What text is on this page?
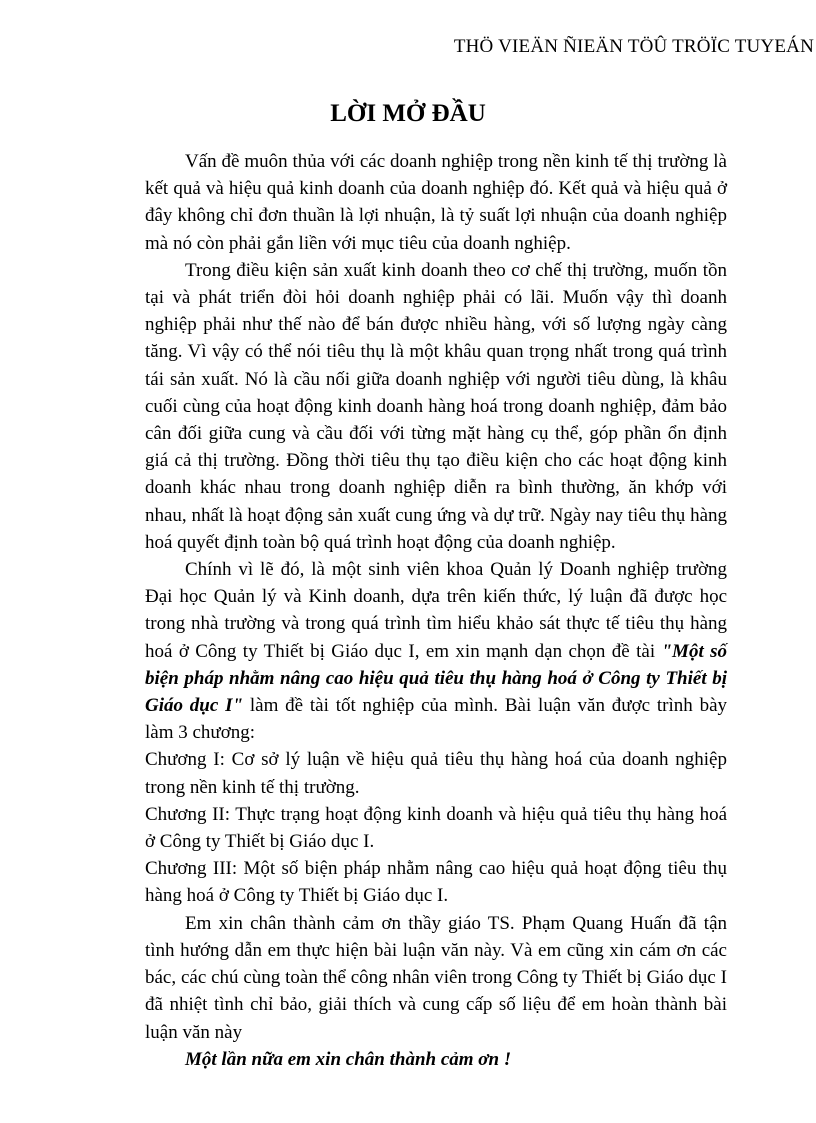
THÖ VIEÄN ÑIEÄN TÖÛ TRÖÏC TUYEÁN
LỜI MỞ ĐẦU

Vấn đề muôn thủa với các doanh nghiệp trong nền kinh tế thị trường là kết quả và hiệu quả kinh doanh của doanh nghiệp đó. Kết quả và hiệu quả ở đây không chỉ đơn thuần là lợi nhuận, là tỷ suất lợi nhuận của doanh nghiệp mà nó còn phải gắn liền với mục tiêu của doanh nghiệp.

Trong điều kiện sản xuất kinh doanh theo cơ chế thị trường, muốn tồn tại và phát triển đòi hỏi doanh nghiệp phải có lãi. Muốn vậy thì doanh nghiệp phải như thế nào để bán được nhiều hàng, với số lượng ngày càng tăng. Vì vậy có thể nói tiêu thụ là một khâu quan trọng nhất trong quá trình tái sản xuất. Nó là cầu nối giữa doanh nghiệp với người tiêu dùng, là khâu cuối cùng của hoạt động kinh doanh hàng hoá trong doanh nghiệp, đảm bảo cân đối giữa cung và cầu đối với từng mặt hàng cụ thể, góp phần ổn định giá cả thị trường. Đồng thời tiêu thụ tạo điều kiện cho các hoạt động kinh doanh khác nhau trong doanh nghiệp diễn ra bình thường, ăn khớp với nhau, nhất là hoạt động sản xuất cung ứng và dự trữ. Ngày nay tiêu thụ hàng hoá quyết định toàn bộ quá trình hoạt động của doanh nghiệp.

Chính vì lẽ đó, là một sinh viên khoa Quản lý Doanh nghiệp trường Đại học Quản lý và Kinh doanh, dựa trên kiến thức, lý luận đã được học trong nhà trường và trong quá trình tìm hiểu khảo sát thực tế tiêu thụ hàng hoá ở Công ty Thiết bị Giáo dục I, em xin mạnh dạn chọn đề tài "Một số biện pháp nhằm nâng cao hiệu quả tiêu thụ hàng hoá ở Công ty Thiết bị Giáo dục I" làm đề tài tốt nghiệp của mình. Bài luận văn được trình bày làm 3 chương:

Chương I: Cơ sở lý luận về hiệu quả tiêu thụ hàng hoá của doanh nghiệp trong nền kinh tế thị trường.

Chương II: Thực trạng hoạt động kinh doanh và hiệu quả tiêu thụ hàng hoá ở Công ty Thiết bị Giáo dục I.

Chương III: Một số biện pháp nhằm nâng cao hiệu quả hoạt động tiêu thụ hàng hoá ở Công ty Thiết bị Giáo dục I.

Em xin chân thành cảm ơn thầy giáo TS. Phạm Quang Huấn đã tận tình hướng dẫn em thực hiện bài luận văn này. Và em cũng xin cám ơn các bác, các chú cùng toàn thể công nhân viên trong Công ty Thiết bị Giáo dục I đã nhiệt tình chỉ bảo, giải thích và cung cấp số liệu để em hoàn thành bài luận văn này

Một lần nữa em xin chân thành cảm ơn !
